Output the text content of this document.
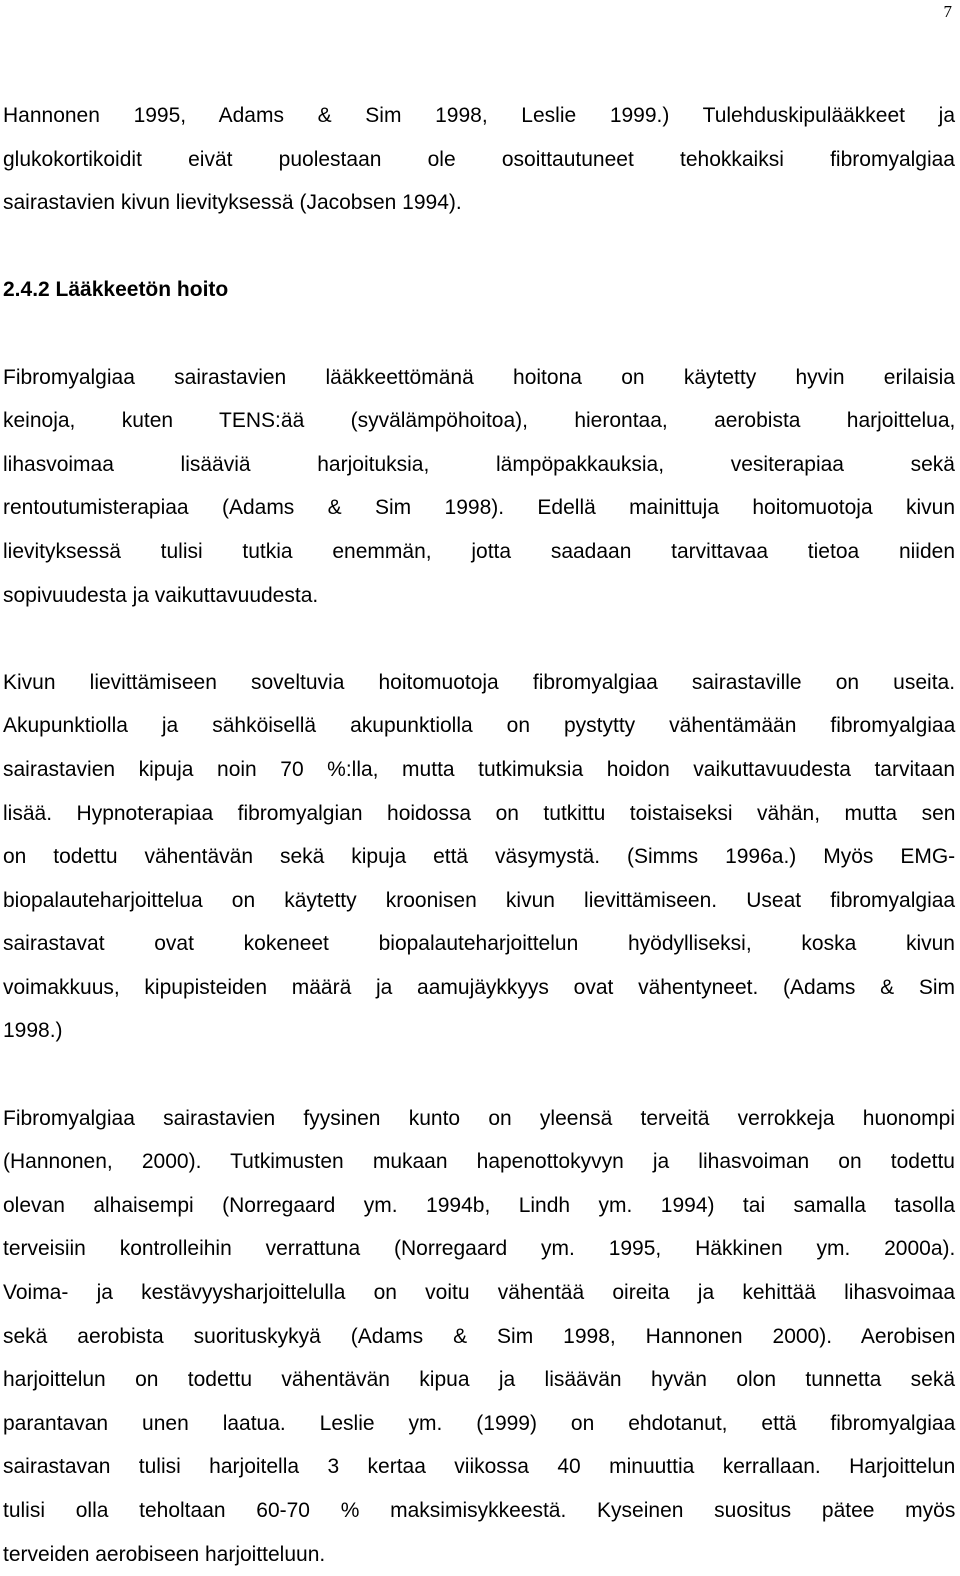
7
Hannonen 1995, Adams & Sim 1998, Leslie 1999.) Tulehduskipulääkkeet ja
glukokortikoidit eivät puolestaan ole osoittautuneet tehokkaiksi fibromyalgiaa
sairastavien kivun lievityksessä (Jacobsen 1994).
2.4.2 Lääkkeetön hoito
Fibromyalgiaa sairastavien lääkkeettömänä hoitona on käytetty hyvin erilaisia
keinoja, kuten TENS:ää (syvälämpöhoitoa), hierontaa, aerobista harjoittelua,
lihasvoimaa lisääviä harjoituksia, lämpöpakkauksia, vesiterapiaa sekä
rentoutumisterapiaa (Adams & Sim 1998). Edellä mainittuja hoitomuotoja kivun
lievityksessä tulisi tutkia enemmän, jotta saadaan tarvittavaa tietoa niiden
sopivuudesta ja vaikuttavuudesta.
Kivun lievittämiseen soveltuvia hoitomuotoja fibromyalgiaa sairastaville on useita.
Akupunktiolla ja sähköisellä akupunktiolla on pystytty vähentämään fibromyalgiaa
sairastavien kipuja noin 70 %:lla, mutta tutkimuksia hoidon vaikuttavuudesta tarvitaan
lisää. Hypnoterapiaa fibromyalgian hoidossa on tutkittu toistaiseksi vähän, mutta sen
on todettu vähentävän sekä kipuja että väsymystä. (Simms 1996a.) Myös EMG-
biopalauteharjoittelua on käytetty kroonisen kivun lievittämiseen. Useat fibromyalgiaa
sairastavat ovat kokeneet biopalauteharjoittelun hyödylliseksi, koska kivun
voimakkuus, kipupisteiden määrä ja aamujäykkyys ovat vähentyneet. (Adams & Sim
1998.)
Fibromyalgiaa sairastavien fyysinen kunto on yleensä terveitä verrokkeja huonompi
(Hannonen, 2000). Tutkimusten mukaan hapenottokyvyn ja lihasvoiman on todettu
olevan alhaisempi (Norregaard ym. 1994b, Lindh ym. 1994) tai samalla tasolla
terveisiin kontrolleihin verrattuna (Norregaard ym. 1995, Häkkinen ym. 2000a).
Voima- ja kestävyysharjoittelulla on voitu vähentää oireita ja kehittää lihasvoimaa
sekä aerobista suorituskykyä (Adams & Sim 1998, Hannonen 2000). Aerobisen
harjoittelun on todettu vähentävän kipua ja lisäävän hyvän olon tunnetta sekä
parantavan unen laatua. Leslie ym. (1999) on ehdotanut, että fibromyalgiaa
sairastavan tulisi harjoitella 3 kertaa viikossa 40 minuuttia kerrallaan. Harjoittelun
tulisi olla teholtaan 60-70 % maksimisykkeestä. Kyseinen suositus pätee myös
terveiden aerobiseen harjoitteluun.
